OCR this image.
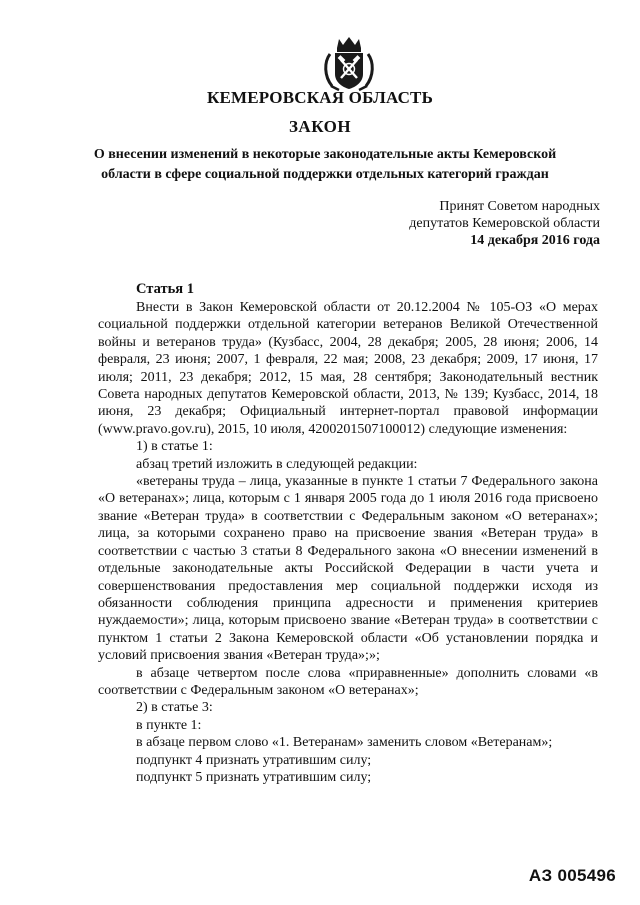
КЕМЕРОВСКАЯ ОБЛАСТЬ
ЗАКОН
О внесении изменений в некоторые законодательные акты Кемеровской
области в сфере социальной поддержки отдельных категорий граждан
Принят Советом народных
депутатов Кемеровской области
14 декабря 2016 года
Статья 1

Внести в Закон Кемеровской области от 20.12.2004 № 105-ОЗ «О мерах социальной поддержки отдельной категории ветеранов Великой Отечественной войны и ветеранов труда» (Кузбасс, 2004, 28 декабря; 2005, 28 июня; 2006, 14 февраля, 23 июня; 2007, 1 февраля, 22 мая; 2008, 23 декабря; 2009, 17 июня, 17 июля; 2011, 23 декабря; 2012, 15 мая, 28 сентября; Законодательный вестник Совета народных депутатов Кемеровской области, 2013, № 139; Кузбасс, 2014, 18 июня, 23 декабря; Официальный интернет-портал правовой информации (www.pravo.gov.ru), 2015, 10 июля, 4200201507100012) следующие изменения:

1) в статье 1:

абзац третий изложить в следующей редакции:

«ветераны труда – лица, указанные в пункте 1 статьи 7 Федерального закона «О ветеранах»; лица, которым с 1 января 2005 года до 1 июля 2016 года присвоено звание «Ветеран труда» в соответствии с Федеральным законом «О ветеранах»; лица, за которыми сохранено право на присвоение звания «Ветеран труда» в соответствии с частью 3 статьи 8 Федерального закона «О внесении изменений в отдельные законодательные акты Российской Федерации в части учета и совершенствования предоставления мер социальной поддержки исходя из обязанности соблюдения принципа адресности и применения критериев нуждаемости»; лица, которым присвоено звание «Ветеран труда» в соответствии с пунктом 1 статьи 2 Закона Кемеровской области «Об установлении порядка и условий присвоения звания «Ветеран труда»;»;

в абзаце четвертом после слова «приравненные» дополнить словами «в соответствии с Федеральным законом «О ветеранах»;

2) в статье 3:

в пункте 1:

в абзаце первом слово «1. Ветеранам» заменить словом «Ветеранам»;

подпункт 4 признать утратившим силу;

подпункт 5 признать утратившим силу;

АЗ 005496
